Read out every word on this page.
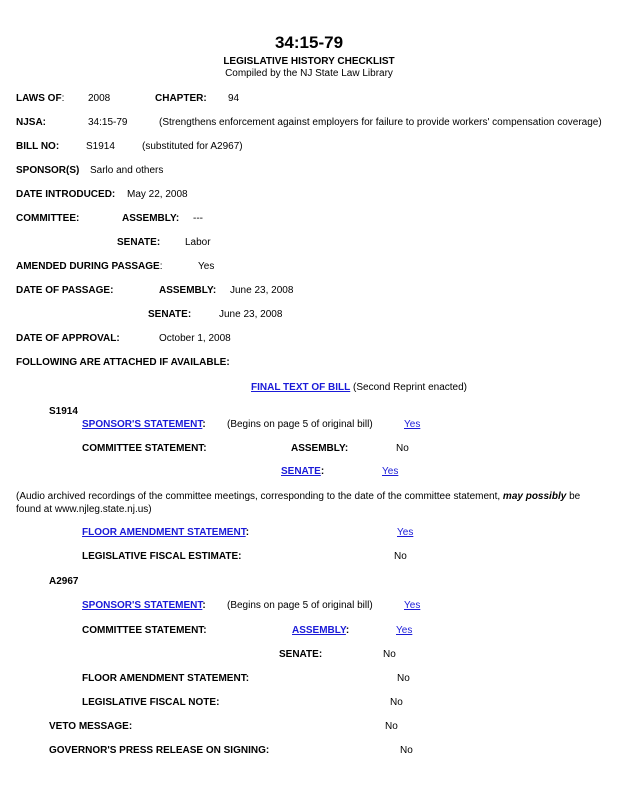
34:15-79
LEGISLATIVE HISTORY CHECKLIST
Compiled by the NJ State Law Library
LAWS OF: 2008	CHAPTER: 94
NJSA:	34:15-79	(Strengthens enforcement against employers for failure to provide workers' compensation coverage)
BILL NO:	S1914	(substituted for A2967)
SPONSOR(S) Sarlo and others
DATE INTRODUCED: May 22, 2008
COMMITTEE:	ASSEMBLY: ---
SENATE: Labor
AMENDED DURING PASSAGE:	Yes
DATE OF PASSAGE:	ASSEMBLY: June 23, 2008
SENATE:	June 23, 2008
DATE OF APPROVAL:	October 1, 2008
FOLLOWING ARE ATTACHED IF AVAILABLE:
FINAL TEXT OF BILL (Second Reprint enacted)
S1914
SPONSOR'S STATEMENT: (Begins on page 5 of original bill)	Yes
COMMITTEE STATEMENT:	ASSEMBLY:	No
SENATE:	Yes
(Audio archived recordings of the committee meetings, corresponding to the date of the committee statement, may possibly be found at www.njleg.state.nj.us)
FLOOR AMENDMENT STATEMENT:	Yes
LEGISLATIVE FISCAL ESTIMATE:	No
A2967
SPONSOR'S STATEMENT: (Begins on page 5 of original bill)	Yes
COMMITTEE STATEMENT:	ASSEMBLY:	Yes
SENATE:	No
FLOOR AMENDMENT STATEMENT:	No
LEGISLATIVE FISCAL NOTE:	No
VETO MESSAGE:	No
GOVERNOR'S PRESS RELEASE ON SIGNING:	No
